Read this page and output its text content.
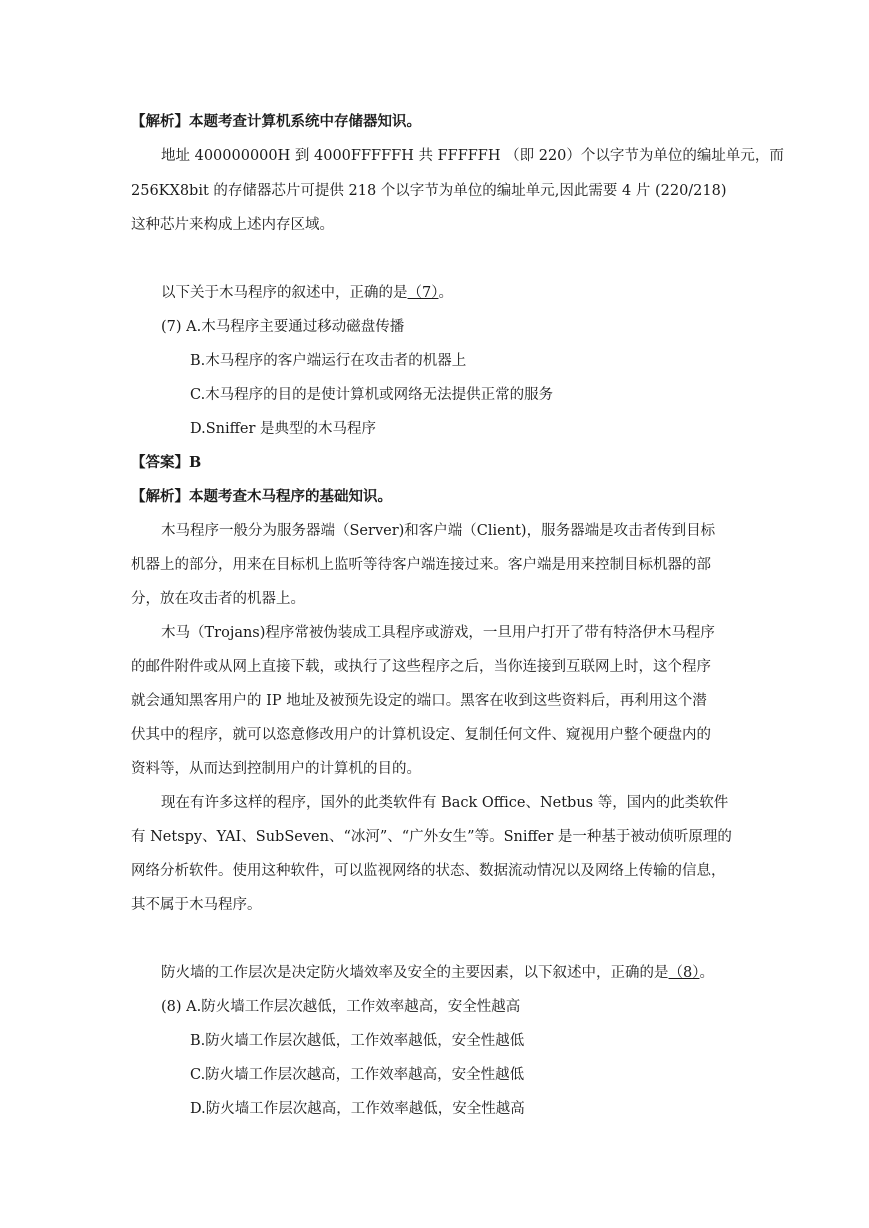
【解析】本题考查计算机系统中存储器知识。
地址 400000000H 到 4000FFFFFH 共 FFFFFH （即 220）个以字节为单位的编址单元，而
256KX8bit 的存储器芯片可提供 218 个以字节为单位的编址单元,因此需要 4 片 (220/218)
这种芯片来构成上述内存区域。
以下关于木马程序的叙述中，正确的是（7）。
(7) A.木马程序主要通过移动磁盘传播
B.木马程序的客户端运行在攻击者的机器上
C.木马程序的目的是使计算机或网络无法提供正常的服务
D.Sniffer 是典型的木马程序
【答案】B
【解析】本题考查木马程序的基础知识。
木马程序一般分为服务器端（Server)和客户端（Client)，服务器端是攻击者传到目标
机器上的部分，用来在目标机上监听等待客户端连接过来。客户端是用来控制目标机器的部
分，放在攻击者的机器上。
木马（Trojans)程序常被伪装成工具程序或游戏，一旦用户打开了带有特洛伊木马程序
的邮件附件或从网上直接下载，或执行了这些程序之后，当你连接到互联网上时，这个程序
就会通知黑客用户的 IP 地址及被预先设定的端口。黑客在收到这些资料后，再利用这个潜
伏其中的程序，就可以恣意修改用户的计算机设定、复制任何文件、窥视用户整个硬盘内的
资料等，从而达到控制用户的计算机的目的。
现在有许多这样的程序，国外的此类软件有 Back Office、Netbus 等，国内的此类软件
有 Netspy、YAI、SubSeven、“冰河”、“广外女生”等。Sniffer 是一种基于被动侦听原理的
网络分析软件。使用这种软件，可以监视网络的状态、数据流动情况以及网络上传输的信息，
其不属于木马程序。
防火墙的工作层次是决定防火墙效率及安全的主要因素，以下叙述中，正确的是（8）。
(8) A.防火墙工作层次越低，工作效率越高，安全性越高
B.防火墙工作层次越低，工作效率越低，安全性越低
C.防火墙工作层次越高，工作效率越高，安全性越低
D.防火墙工作层次越高，工作效率越低，安全性越高
